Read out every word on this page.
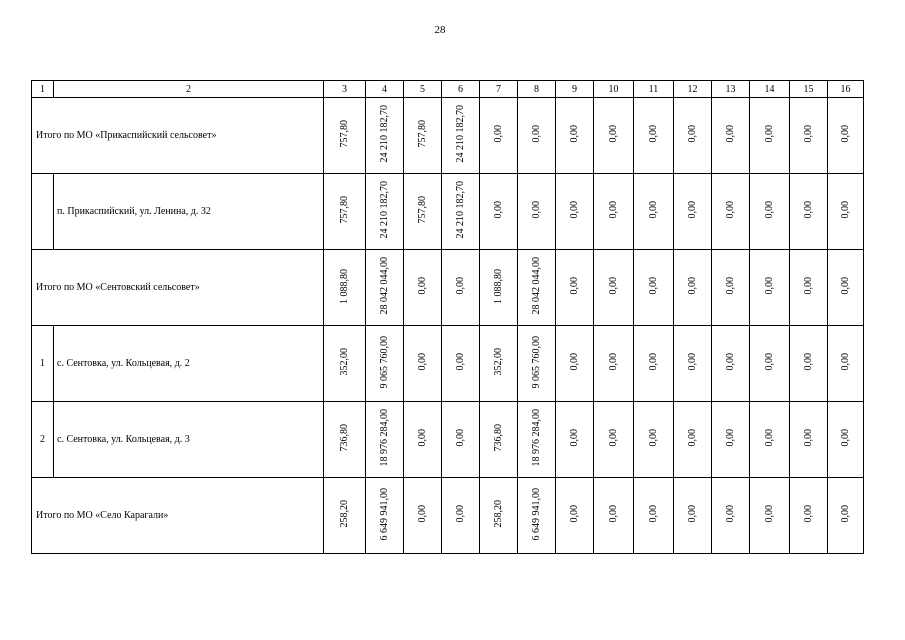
28
1	2	3	4	5	6	7	8	9	10	11	12	13	14	15	16
Итого по МО «Прикаспийский сельсовет»		757,80	24 210 182,70	757,80	24 210 182,70	0,00	0,00	0,00	0,00	0,00	0,00	0,00	0,00	0,00	0,00
	п. Прикаспийский, ул. Ленина, д. 32	757,80	24 210 182,70	757,80	24 210 182,70	0,00	0,00	0,00	0,00	0,00	0,00	0,00	0,00	0,00	0,00
Итого по МО «Сентовский сельсовет»		1 088,80	28 042 044,00	0,00	0,00	1 088,80	28 042 044,00	0,00	0,00	0,00	0,00	0,00	0,00	0,00	0,00
1	с. Сентовка, ул. Кольцевая, д. 2	352,00	9 065 760,00	0,00	0,00	352,00	9 065 760,00	0,00	0,00	0,00	0,00	0,00	0,00	0,00	0,00
2	с. Сентовка, ул. Кольцевая, д. 3	736,80	18 976 284,00	0,00	0,00	736,80	18 976 284,00	0,00	0,00	0,00	0,00	0,00	0,00	0,00	0,00
Итого по МО «Село Карагали»		258,20	6 649 941,00	0,00	0,00	258,20	6 649 941,00	0,00	0,00	0,00	0,00	0,00	0,00	0,00	0,00
